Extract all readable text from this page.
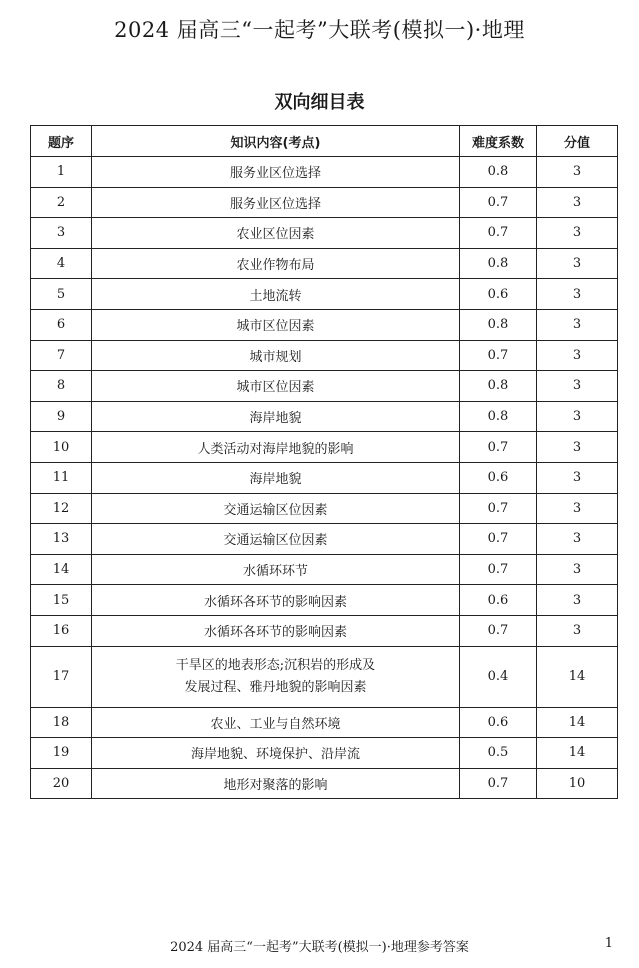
2024 届高三“一起考”大联考(模拟一)·地理
双向细目表
题序	知识内容(考点)	难度系数	分值
1	服务业区位选择	0.8	3
2	服务业区位选择	0.7	3
3	农业区位因素	0.7	3
4	农业作物布局	0.8	3
5	土地流转	0.6	3
6	城市区位因素	0.8	3
7	城市规划	0.7	3
8	城市区位因素	0.8	3
9	海岸地貌	0.8	3
10	人类活动对海岸地貌的影响	0.7	3
11	海岸地貌	0.6	3
12	交通运输区位因素	0.7	3
13	交通运输区位因素	0.7	3
14	水循环环节	0.7	3
15	水循环各环节的影响因素	0.6	3
16	水循环各环节的影响因素	0.7	3
17	干旱区的地表形态;沉积岩的形成及
发展过程、雅丹地貌的影响因素	0.4	14
18	农业、工业与自然环境	0.6	14
19	海岸地貌、环境保护、沿岸流	0.5	14
20	地形对聚落的影响	0.7	10
2024 届高三“一起考”大联考(模拟一)·地理参考答案	1
